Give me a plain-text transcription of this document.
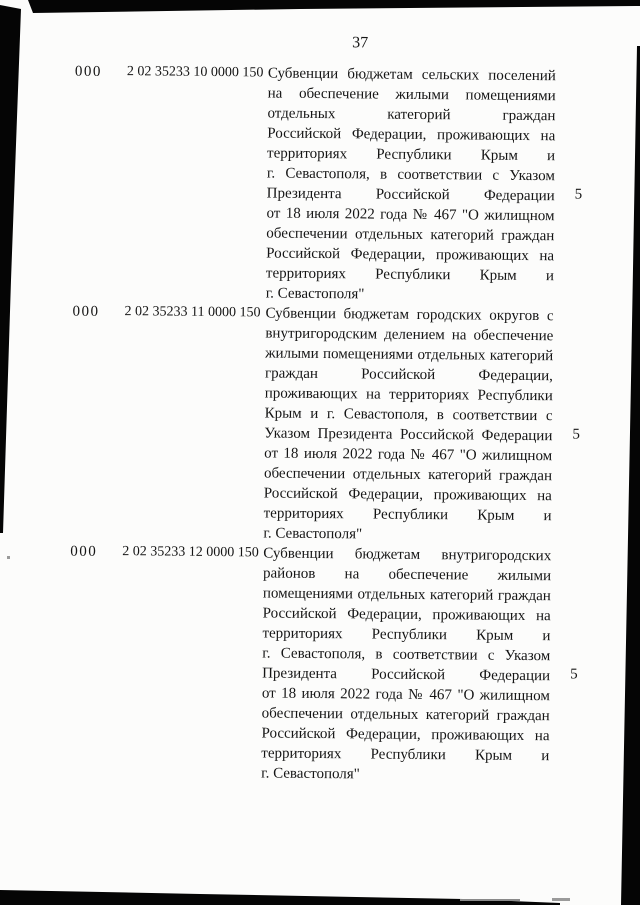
37
000	2 02 35233 10 0000 150 Субвенции бюджетам сельских поселений
на обеспечение жилыми помещениями
отдельных категорий граждан
Российской Федерации, проживающих на
территориях Республики Крым и
г. Севастополя, в соответствии с Указом
Президента Российской Федерации
от 18 июля 2022 года № 467 "О жилищном
обеспечении отдельных категорий граждан
Российской Федерации, проживающих на
территориях Республики Крым и
г. Севастополя"
5
000	2 02 35233 11 0000 150 Субвенции бюджетам городских округов с
внутригородским делением на обеспечение
жилыми помещениями отдельных категорий
граждан Российской Федерации,
проживающих на территориях Республики
Крым и г. Севастополя, в соответствии с
Указом Президента Российской Федерации
от 18 июля 2022 года № 467 "О жилищном
обеспечении отдельных категорий граждан
Российской Федерации, проживающих на
территориях Республики Крым и
г. Севастополя"
5
000	2 02 35233 12 0000 150 Субвенции бюджетам внутригородских
районов на обеспечение жилыми
помещениями отдельных категорий граждан
Российской Федерации, проживающих на
территориях Республики Крым и
г. Севастополя, в соответствии с Указом
Президента Российской Федерации
от 18 июля 2022 года № 467 "О жилищном
обеспечении отдельных категорий граждан
Российской Федерации, проживающих на
территориях Республики Крым и
г. Севастополя"
5
